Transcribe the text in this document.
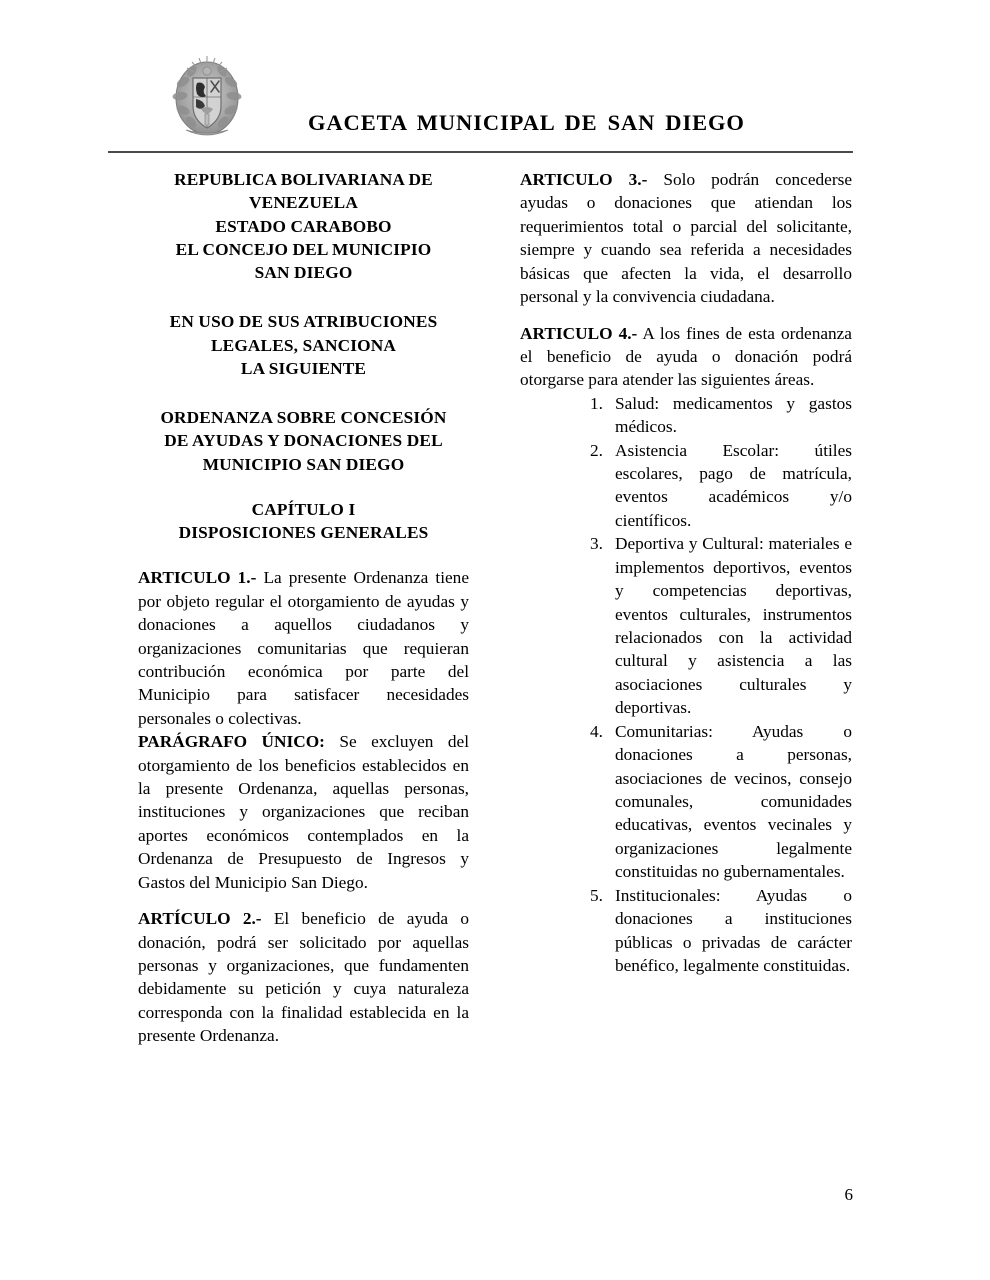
GACETA MUNICIPAL DE SAN DIEGO
REPUBLICA BOLIVARIANA DE
VENEZUELA
ESTADO CARABOBO
EL CONCEJO DEL MUNICIPIO
SAN DIEGO
EN USO DE SUS ATRIBUCIONES
LEGALES, SANCIONA
LA SIGUIENTE
ORDENANZA SOBRE CONCESIÓN
DE AYUDAS Y DONACIONES DEL
MUNICIPIO SAN DIEGO
CAPÍTULO I
DISPOSICIONES GENERALES

ARTICULO 1.- La presente Ordenanza tiene por objeto regular el otorgamiento de ayudas y donaciones a aquellos ciudadanos y organizaciones comunitarias que requieran contribución económica por parte del Municipio para satisfacer necesidades personales o colectivas.

PARÁGRAFO ÚNICO: Se excluyen del otorgamiento de los beneficios establecidos en la presente Ordenanza, aquellas personas, instituciones y organizaciones que reciban aportes económicos contemplados en la Ordenanza de Presupuesto de Ingresos y Gastos del Municipio San Diego.

ARTÍCULO 2.- El beneficio de ayuda o donación, podrá ser solicitado por aquellas personas y organizaciones, que fundamenten debidamente su petición y cuya naturaleza corresponda con la finalidad establecida en la presente Ordenanza.

ARTICULO 3.- Solo podrán concederse ayudas o donaciones que atiendan los requerimientos total o parcial del solicitante, siempre y cuando sea referida a necesidades básicas que afecten la vida, el desarrollo personal y la convivencia ciudadana.

ARTICULO 4.- A los fines de esta ordenanza el beneficio de ayuda o donación podrá otorgarse para atender las siguientes áreas.

Salud: medicamentos y gastos médicos.
Asistencia Escolar: útiles escolares, pago de matrícula, eventos académicos y/o científicos.
Deportiva y Cultural: materiales e implementos deportivos, eventos y competencias deportivas, eventos culturales, instrumentos relacionados con la actividad cultural y asistencia a las asociaciones culturales y deportivas.
Comunitarias: Ayudas o donaciones a personas, asociaciones de vecinos, consejo comunales, comunidades educativas, eventos vecinales y organizaciones legalmente constituidas no gubernamentales.
Institucionales: Ayudas o donaciones a instituciones públicas o privadas de carácter benéfico, legalmente constituidas.
6
